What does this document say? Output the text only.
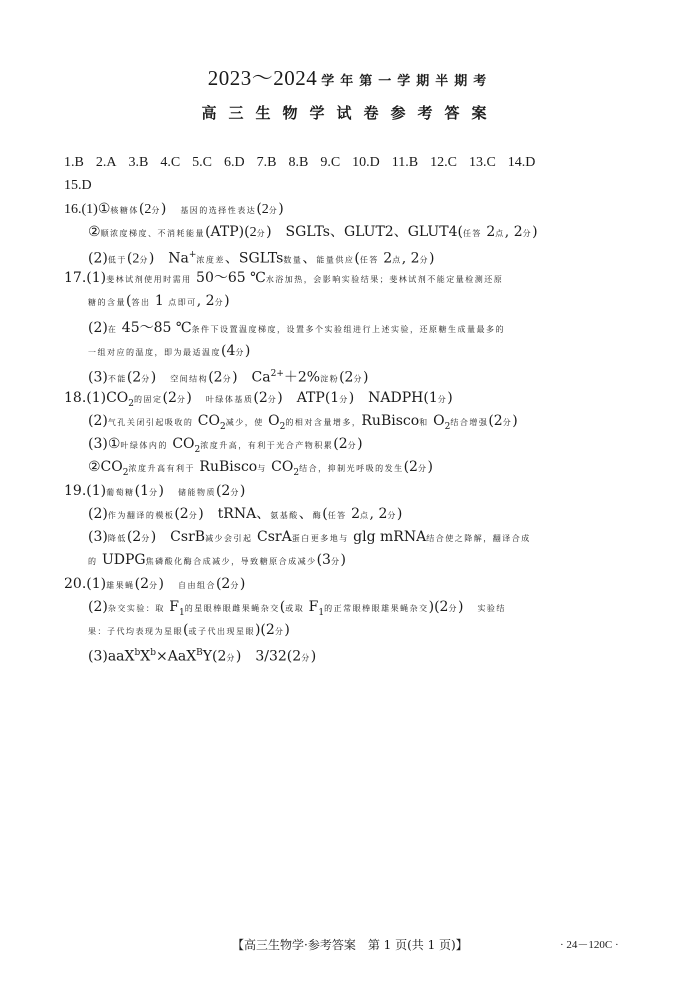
2023～2024 学年第一学期半期考
高三生物学试卷参考答案
1.B 2.A 3.B 4.C 5.C 6.D 7.B 8.B 9.C 10.D 11.B 12.C 13.C 14.D
15.D
16.(1)①核糖体(2分)　基因的选择性表达(2分)
②顺浓度梯度、不消耗能量(ATP)(2分)　SGLTs、GLUT2、GLUT4(任答 2点, 2分)
(2)低于(2分)　Na+浓度差、SGLTs数量、能量供应(任答 2点, 2分)
17.(1)斐林试剂使用时需用 50～65 ℃水浴加热，会影响实验结果；斐林试剂不能定量检测还原
糖的含量(答出 1 点即可, 2分)
(2)在 45～85 ℃条件下设置温度梯度，设置多个实验组进行上述实验，还原糖生成量最多的
一组对应的温度，即为最适温度(4分)
(3)不能(2分)　空间结构(2分)　$Ca^{2+}+2\%$淀粉(2分)
$18.(1)CO_2$的固定(2分)　叶绿体基质(2分)　ATP(1分)　NADPH(1分)
(2)气孔关闭引起吸收的 $CO_2$减少，使 $O_2$的相对含量增多，RuBisco和 $O_2$结合增强(2分)
(3)①叶绿体内的 $CO_2$浓度升高，有利于光合产物积累(2分)
$②CO_2$浓度升高有利于 RuBisco与 $CO_2$结合，抑制光呼吸的发生(2分)
19.(1)葡萄糖(1分)　储能物质(2分)
(2)作为翻译的模板(2分)　tRNA、氨基酸、酶(任答 2点, 2分)
(3)降低(2分)　CsrB减少会引起 CsrA蛋白更多地与 glg mRNA结合使之降解，翻译合成
的 UDPG焦磷酸化酶合成减少，导致糖原合成减少(3分)
20.(1)雄果蝇(2分)　自由组合(2分)
(2)杂交实验：取 $F_1$的星眼棒眼雌果蝇杂交(或取 $F_1$的正常眼棒眼雄果蝇杂交)(2分)　实验结
果：子代均表现为星眼(或子代出现星眼)(2分)
$(3)aaX^bX^b\times AaX^BY(2$分)　3/32(2分)
【高三生物学·参考答案　第 1 页(共 1 页)】	· 24－120C ·
